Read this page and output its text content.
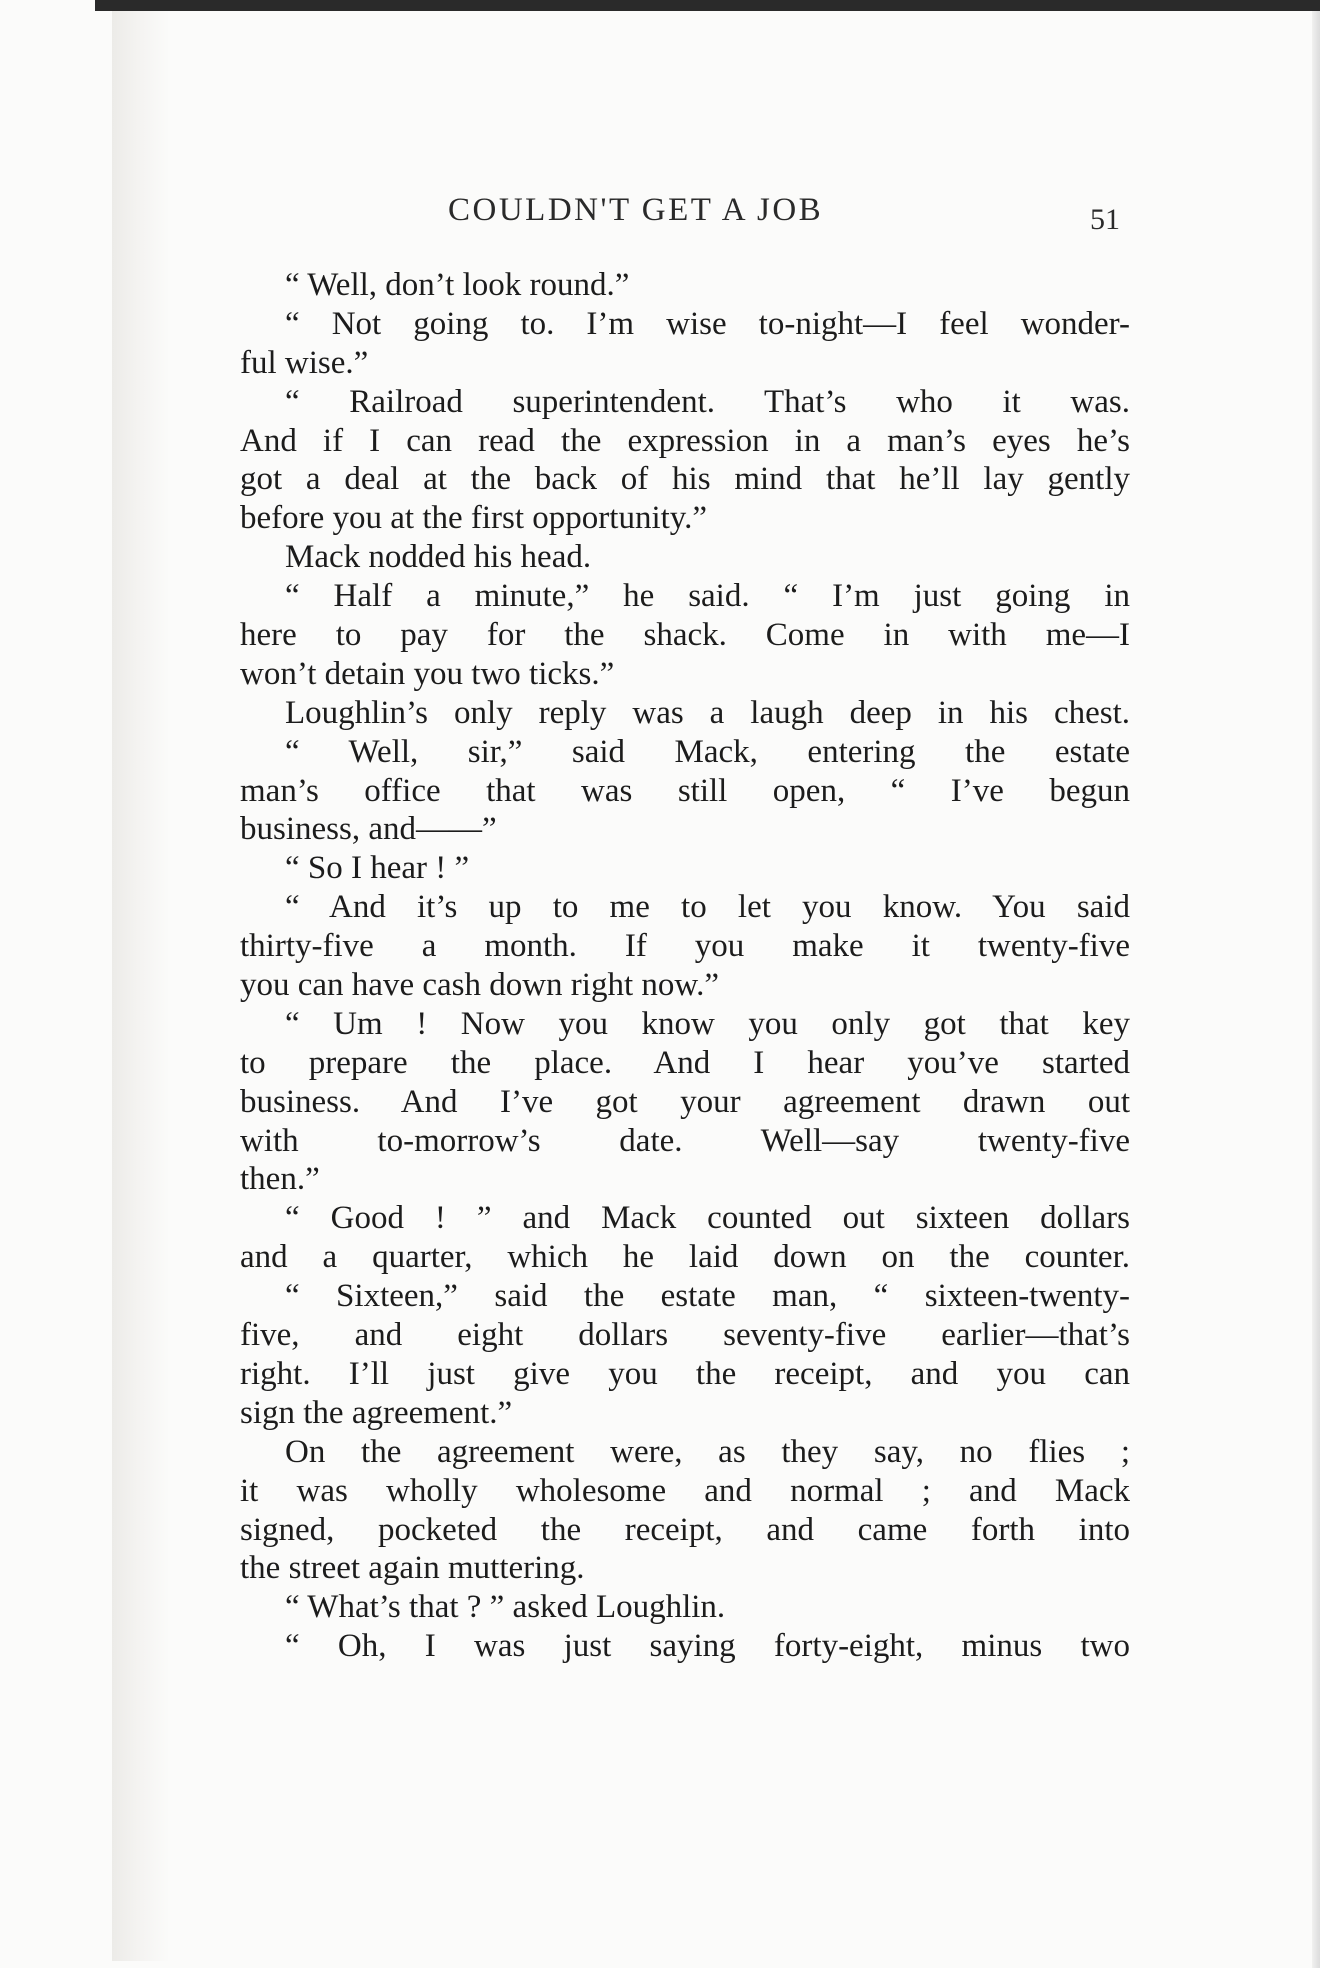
COULDN'T GET A JOB	51
“ Well, don’t look round.”
“ Not going to. I’m wise to-night—I feel wonder-
ful wise.”
“ Railroad superintendent. That’s who it was.
And if I can read the expression in a man’s eyes he’s
got a deal at the back of his mind that he’ll lay gently
before you at the first opportunity.”
Mack nodded his head.
“ Half a minute,” he said. “ I’m just going in
here to pay for the shack. Come in with me—I
won’t detain you two ticks.”
Loughlin’s only reply was a laugh deep in his chest.
“ Well, sir,” said Mack, entering the estate
man’s office that was still open, “ I’ve begun
business, and——”
“ So I hear ! ”
“ And it’s up to me to let you know. You said
thirty-five a month. If you make it twenty-five
you can have cash down right now.”
“ Um ! Now you know you only got that key
to prepare the place. And I hear you’ve started
business. And I’ve got your agreement drawn out
with to-morrow’s date. Well—say twenty-five
then.”
“ Good ! ” and Mack counted out sixteen dollars
and a quarter, which he laid down on the counter.
“ Sixteen,” said the estate man, “ sixteen-twenty-
five, and eight dollars seventy-five earlier—that’s
right. I’ll just give you the receipt, and you can
sign the agreement.”
On the agreement were, as they say, no flies ;
it was wholly wholesome and normal ; and Mack
signed, pocketed the receipt, and came forth into
the street again muttering.
“ What’s that ? ” asked Loughlin.
“ Oh, I was just saying forty-eight, minus two
